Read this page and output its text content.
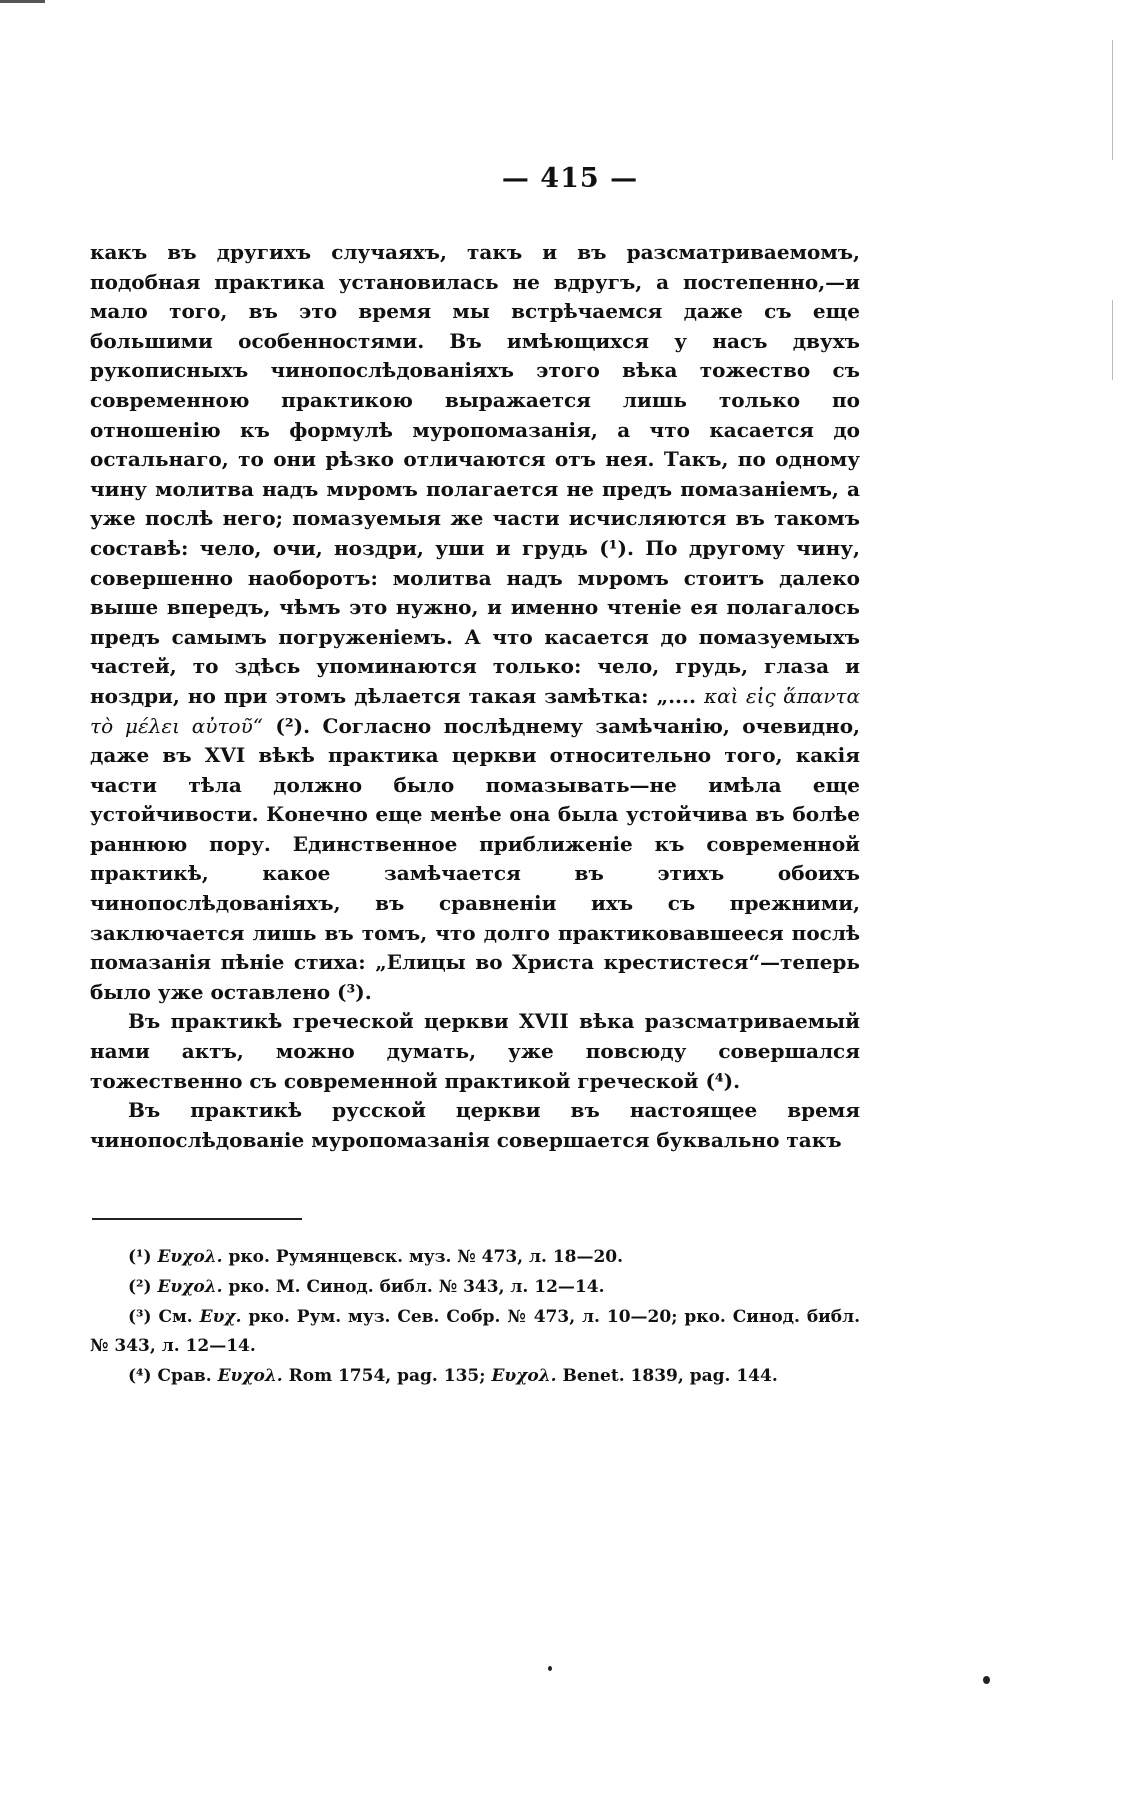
— 415 —

какъ въ другихъ случаяхъ, такъ и въ разсматриваемомъ, подобная практика установилась не вдругъ, а постепенно,—и мало того, въ это время мы встрѣчаемся даже съ еще большими особенностями. Въ имѣющихся у насъ двухъ рукописныхъ чинопослѣдованіяхъ этого вѣка тожество съ современною практикою выражается лишь только по отношенію къ формулѣ муропомазанія, а что касается до остальнаго, то они рѣзко отличаются отъ нея. Такъ, по одному чину молитва надъ мνромъ полагается не предъ помазаніемъ, а уже послѣ него; помазуемыя же части исчисляются въ такомъ составѣ: чело, очи, ноздри, уши и грудь (¹). По другому чину, совершенно наоборотъ: молитва надъ мνромъ стоитъ далеко выше впередъ, чѣмъ это нужно, и именно чтеніе ея полагалось предъ самымъ погруженіемъ. А что касается до помазуемыхъ частей, то здѣсь упоминаются только: чело, грудь, глаза и ноздри, но при этомъ дѣлается такая замѣтка: „.... καὶ εἰς ἅπαντα τὸ μέλει αὐτοῦ“ (²). Согласно послѣднему замѣчанію, очевидно, даже въ XVI вѣкѣ практика церкви относительно того, какія части тѣла должно было помазывать—не имѣла еще устойчивости. Конечно еще менѣе она была устойчива въ болѣе раннюю пору. Единственное приближеніе къ современной практикѣ, какое замѣчается въ этихъ обоихъ чинопослѣдованіяхъ, въ сравненіи ихъ съ прежними, заключается лишь въ томъ, что долго практиковавшееся послѣ помазанія пѣніе стиха: „Елицы во Христа крестистеся“—теперь было уже оставлено (³).

Въ практикѣ греческой церкви XVII вѣка разсматриваемый нами актъ, можно думать, уже повсюду совершался тожественно съ современной практикой греческой (⁴).

Въ практикѣ русской церкви въ настоящее время чинопослѣдованіе муропомазанія совершается буквально такъ

(¹) Ευχολ. рко. Румянцевск. муз. № 473, л. 18—20.

(²) Ευχολ. рко. М. Синод. библ. № 343, л. 12—14.

(³) См. Ευχ. рко. Рум. муз. Сев. Собр. № 473, л. 10—20; рко. Синод. библ. № 343, л. 12—14.

(⁴) Срав. Ευχολ. Rom 1754, pag. 135; Ευχολ. Benet. 1839, pag. 144.
